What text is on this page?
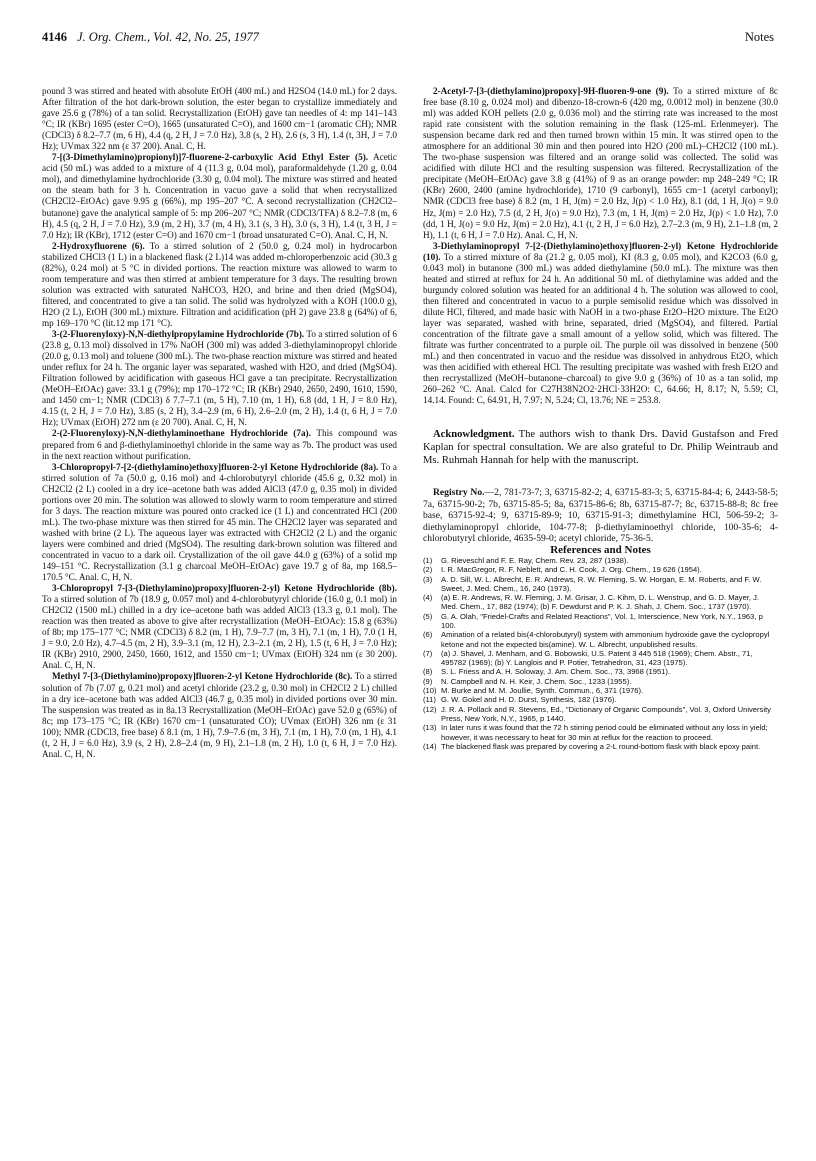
4146 J. Org. Chem., Vol. 42, No. 25, 1977	Notes

pound 3 was stirred and heated with absolute EtOH (400 mL) and H2SO4 (14.0 mL) for 2 days. After filtration of the hot dark-brown solution, the ester began to crystallize immediately and gave 25.6 g (78%) of a tan solid. Recrystallization (EtOH) gave tan needles of 4: mp 141–143 °C; IR (KBr) 1695 (ester C=O), 1665 (unsaturated C=O), and 1600 cm−1 (aromatic CH); NMR (CDCl3) δ 8.2–7.7 (m, 6 H), 4.4 (q, 2 H, J = 7.0 Hz), 3.8 (s, 2 H), 2.6 (s, 3 H), 1.4 (t, 3H, J = 7.0 Hz); UVmax 322 nm (ε 37 200). Anal. C, H.

7-[(3-Dimethylamino)propionyl)]7-fluorene-2-carboxylic Acid Ethyl Ester (5). Acetic acid (50 mL) was added to a mixture of 4 (11.3 g, 0.04 mol), paraformaldehyde (1.20 g, 0.04 mol), and dimethylamine hydrochloride (3.30 g, 0.04 mol). The mixture was stirred and heated on the steam bath for 3 h. Concentration in vacuo gave a solid that when recrystallized (CH2Cl2–EtOAc) gave 9.95 g (66%), mp 195–207 °C. A second recrystallization (CH2Cl2–butanone) gave the analytical sample of 5: mp 206–207 °C; NMR (CDCl3/TFA) δ 8.2–7.8 (m, 6 H), 4.5 (q, 2 H, J = 7.0 Hz), 3.9 (m, 2 H), 3.7 (m, 4 H), 3.1 (s, 3 H), 3.0 (s, 3 H), 1.4 (t, 3 H, J = 7.0 Hz); IR (KBr), 1712 (ester C=O) and 1670 cm−1 (broad unsaturated C=O). Anal. C, H, N.

2-Hydroxyfluorene (6). To a stirred solution of 2 (50.0 g, 0.24 mol) in hydrocarbon stabilized CHCl3 (1 L) in a blackened flask (2 L)14 was added m-chloroperbenzoic acid (30.3 g (82%), 0.24 mol) at 5 °C in divided portions. The reaction mixture was allowed to warm to room temperature and was then stirred at ambient temperature for 3 days. The resulting brown solution was extracted with saturated NaHCO3, H2O, and brine and then dried (MgSO4), filtered, and concentrated to give a tan solid. The solid was hydrolyzed with a KOH (100.0 g), H2O (2 L), EtOH (300 mL) mixture. Filtration and acidification (pH 2) gave 23.8 g (64%) of 6, mp 169–170 °C (lit.12 mp 171 °C).

3-(2-Fluorenyloxy)-N,N-diethylpropylamine Hydrochloride (7b). To a stirred solution of 6 (23.8 g, 0.13 mol) dissolved in 17% NaOH (300 ml) was added 3-diethylaminopropyl chloride (20.0 g, 0.13 mol) and toluene (300 mL). The two-phase reaction mixture was stirred and heated under reflux for 24 h. The organic layer was separated, washed with H2O, and dried (MgSO4). Filtration followed by acidification with gaseous HCl gave a tan precipitate. Recrystallization (MeOH–EtOAc) gave: 33.1 g (79%); mp 170–172 °C; IR (KBr) 2940, 2650, 2490, 1610, 1590, and 1450 cm−1; NMR (CDCl3) δ 7.7–7.1 (m, 5 H), 7.10 (m, 1 H), 6.8 (dd, 1 H, J = 8.0 Hz), 4.15 (t, 2 H, J = 7.0 Hz), 3.85 (s, 2 H), 3.4–2.9 (m, 6 H), 2.6–2.0 (m, 2 H), 1.4 (t, 6 H, J = 7.0 Hz); UVmax (EtOH) 272 nm (ε 20 700). Anal. C, H, N.

2-(2-Fluorenyloxy)-N,N-diethylaminoethane Hydrochloride (7a). This compound was prepared from 6 and β-diethylaminoethyl chloride in the same way as 7b. The product was used in the next reaction without purification.

3-Chloropropyl-7-[2-(diethylamino)ethoxy]fluoren-2-yl Ketone Hydrochloride (8a). To a stirred solution of 7a (50.0 g, 0.16 mol) and 4-chlorobutyryl chloride (45.6 g, 0.32 mol) in CH2Cl2 (2 L) cooled in a dry ice–acetone bath was added AlCl3 (47.0 g, 0.35 mol) in divided portions over 20 min. The solution was allowed to slowly warm to room temperature and stirred for 3 days. The reaction mixture was poured onto cracked ice (1 L) and concentrated HCl (200 mL). The two-phase mixture was then stirred for 45 min. The CH2Cl2 layer was separated and washed with brine (2 L). The aqueous layer was extracted with CH2Cl2 (2 L) and the organic layers were combined and dried (MgSO4). The resulting dark-brown solution was filtered and concentrated in vacuo to a dark oil. Crystallization of the oil gave 44.0 g (63%) of a solid mp 149–151 °C. Recrystallization (3.1 g charcoal MeOH–EtOAc) gave 19.7 g of 8a, mp 168.5–170.5 °C. Anal. C, H, N.

3-Chloropropyl 7-[3-(Diethylamino)propoxy]fluoren-2-yl) Ketone Hydrochloride (8b). To a stirred solution of 7b (18.9 g, 0.057 mol) and 4-chlorobutyryl chloride (16.0 g, 0.1 mol) in CH2Cl2 (1500 mL) chilled in a dry ice–acetone bath was added AlCl3 (13.3 g, 0.1 mol). The reaction was then treated as above to give after recrystallization (MeOH–EtOAc): 15.8 g (63%) of 8b; mp 175–177 °C; NMR (CDCl3) δ 8.2 (m, 1 H), 7.9–7.7 (m, 3 H), 7.1 (m, 1 H), 7.0 (1 H, J = 9.0, 2.0 Hz), 4.7–4.5 (m, 2 H), 3.9–3.1 (m, 12 H), 2.3–2.1 (m, 2 H), 1.5 (t, 6 H, J = 7.0 Hz); IR (KBr) 2910, 2900, 2450, 1660, 1612, and 1550 cm−1; UVmax (EtOH) 324 nm (ε 30 200). Anal. C, H, N.

Methyl 7-[3-(Diethylamino)propoxy]fluoren-2-yl Ketone Hydrochloride (8c). To a stirred solution of 7b (7.07 g, 0.21 mol) and acetyl chloride (23.2 g, 0.30 mol) in CH2Cl2 2 L) chilled in a dry ice–acetone bath was added AlCl3 (46.7 g, 0.35 mol) in divided portions over 30 min. The suspension was treated as in 8a.13 Recrystallization (MeOH–EtOAc) gave 52.0 g (65%) of 8c; mp 173–175 °C; IR (KBr) 1670 cm−1 (unsaturated CO); UVmax (EtOH) 326 nm (ε 31 100); NMR (CDCl3, free base) δ 8.1 (m, 1 H), 7.9–7.6 (m, 3 H), 7.1 (m, 1 H), 7.0 (m, 1 H), 4.1 (t, 2 H, J = 6.0 Hz), 3.9 (s, 2 H), 2.8–2.4 (m, 9 H), 2.1–1.8 (m, 2 H), 1.0 (t, 6 H, J = 7.0 Hz). Anal. C, H, N.

2-Acetyl-7-[3-(diethylamino)propoxy]-9H-fluoren-9-one (9). To a stirred mixture of 8c free base (8.10 g, 0.024 mol) and dibenzo-18-crown-6 (420 mg, 0.0012 mol) in benzene (30.0 ml) was added KOH pellets (2.0 g, 0.036 mol) and the stirring rate was increased to the most rapid rate consistent with the solution remaining in the flask (125-mL Erlenmeyer). The suspension became dark red and then turned brown within 15 min. It was stirred open to the atmosphere for an additional 30 min and then poured into H2O (200 mL)–CH2Cl2 (100 mL). The two-phase suspension was filtered and an orange solid was collected. The solid was acidified with dilute HCl and the resulting suspension was filtered. Recrystallization of the precipitate (MeOH–EtOAc) gave 3.8 g (41%) of 9 as an orange powder: mp 248–249 °C; IR (KBr) 2600, 2400 (amine hydrochloride), 1710 (9 carbonyl), 1655 cm−1 (acetyl carbonyl); NMR (CDCl3 free base) δ 8.2 (m, 1 H, J(m) = 2.0 Hz, J(p) < 1.0 Hz), 8.1 (dd, 1 H, J(o) = 9.0 Hz, J(m) = 2.0 Hz), 7.5 (d, 2 H, J(o) = 9.0 Hz), 7.3 (m, 1 H, J(m) = 2.0 Hz, J(p) < 1.0 Hz), 7.0 (dd, 1 H, J(o) = 9.0 Hz, J(m) = 2.0 Hz), 4.1 (t, 2 H, J = 6.0 Hz), 2.7–2.3 (m, 9 H), 2.1–1.8 (m, 2 H), 1.1 (t, 6 H, J = 7.0 Hz). Anal. C, H, N.

3-Diethylaminopropyl 7-[2-(Diethylamino)ethoxy]fluoren-2-yl) Ketone Hydrochloride (10). To a stirred mixture of 8a (21.2 g, 0.05 mol), KI (8.3 g, 0.05 mol), and K2CO3 (6.0 g, 0.043 mol) in butanone (300 mL) was added diethylamine (50.0 mL). The mixture was then heated and stirred at reflux for 24 h. An additional 50 mL of diethylamine was added and the burgundy colored solution was heated for an additional 4 h. The solution was allowed to cool, then filtered and concentrated in vacuo to a purple semisolid residue which was dissolved in dilute HCl, filtered, and made basic with NaOH in a two-phase Et2O–H2O mixture. The Et2O layer was separated, washed with brine, separated, dried (MgSO4), and filtered. Partial concentration of the filtrate gave a small amount of a yellow solid, which was filtered. The filtrate was further concentrated to a purple oil. The purple oil was dissolved in benzene (500 mL) and then concentrated in vacuo and the residue was dissolved in anhydrous Et2O, which was then acidified with ethereal HCl. The resulting precipitate was washed with fresh Et2O and then recrystallized (MeOH–butanone–charcoal) to give 9.0 g (36%) of 10 as a tan solid, mp 260–262 °C. Anal. Calcd for C27H38N2O2·2HCl·33H2O: C, 64.66; H, 8.17; N, 5.59; Cl, 14.14. Found: C, 64.91, H, 7.97; N, 5.24; Cl, 13.76; NE = 253.8.

Acknowledgment. The authors wish to thank Drs. David Gustafson and Fred Kaplan for spectral consultation. We are also grateful to Dr. Philip Weintraub and Ms. Ruhmah Hannah for help with the manuscript.

Registry No.—2, 781-73-7; 3, 63715-82-2; 4, 63715-83-3; 5, 63715-84-4; 6, 2443-58-5; 7a, 63715-90-2; 7b, 63715-85-5; 8a, 63715-86-6; 8b, 63715-87-7; 8c, 63715-88-8; 8c free base, 63715-92-4; 9, 63715-89-9; 10, 63715-91-3; dimethylamine HCl, 506-59-2; 3-diethylaminopropyl chloride, 104-77-8; β-diethylaminoethyl chloride, 100-35-6; 4-chlorobutyryl chloride, 4635-59-0; acetyl chloride, 75-36-5.

References and Notes

(1)	G. Rieveschl and F. E. Ray, Chem. Rev. 23, 287 (1938).
(2)	I. R. MacGregor, R. F. Neblett, and C. H. Cook, J. Org. Chem., 19 626 (1954).
(3)	A. D. Sill, W. L. Albrecht, E. R. Andrews, R. W. Fleming, S. W. Horgan, E. M. Roberts, and F. W. Sweet, J. Med. Chem., 16, 240 (1973).
(4)	(a) E. R. Andrews, R. W. Fleming, J. M. Grisar, J. C. Kihm, D. L. Wenstrup, and G. D. Mayer, J. Med. Chem., 17, 882 (1974); (b) F. Dewdurst and P. K. J. Shah, J. Chem. Soc., 1737 (1970).
(5)	G. A. Olah, "Friedel-Crafts and Related Reactions", Vol. 1, Interscience, New York, N.Y., 1963, p 100.
(6)	Amination of a related bis(4-chlorobutyryl) system with ammonium hydroxide gave the cyclopropyl ketone and not the expected bis(amine). W. L. Albrecht, unpublished results.
(7)	(a) J. Shavel, J. Menham, and G. Bobowski, U.S. Patent 3 445 518 (1969); Chem. Abstr., 71, 495782 (1969); (b) Y. Langlois and P. Potier, Tetrahedron, 31, 423 (1975).
(8)	S. L. Friess and A. H. Soloway, J. Am. Chem. Soc., 73, 3968 (1951).
(9)	N. Campbell and N. H. Keir, J. Chem. Soc., 1233 (1955).
(10) M. Burke and M. M. Joullie, Synth. Commun., 6, 371 (1976).
(11) G. W. Gokel and H. D. Durst, Synthesis, 182 (1976).
(12) J. R. A. Pollack and R. Stevens, Ed., "Dictionary of Organic Compounds", Vol. 3, Oxford University Press, New York, N.Y., 1965, p 1440.
(13) In later runs it was found that the 72 h stirring period could be eliminated without any loss in yield; however, it was necessary to heat for 30 min at reflux for the reaction to proceed.
(14) The blackened flask was prepared by covering a 2-L round-bottom flask with black epoxy paint.
